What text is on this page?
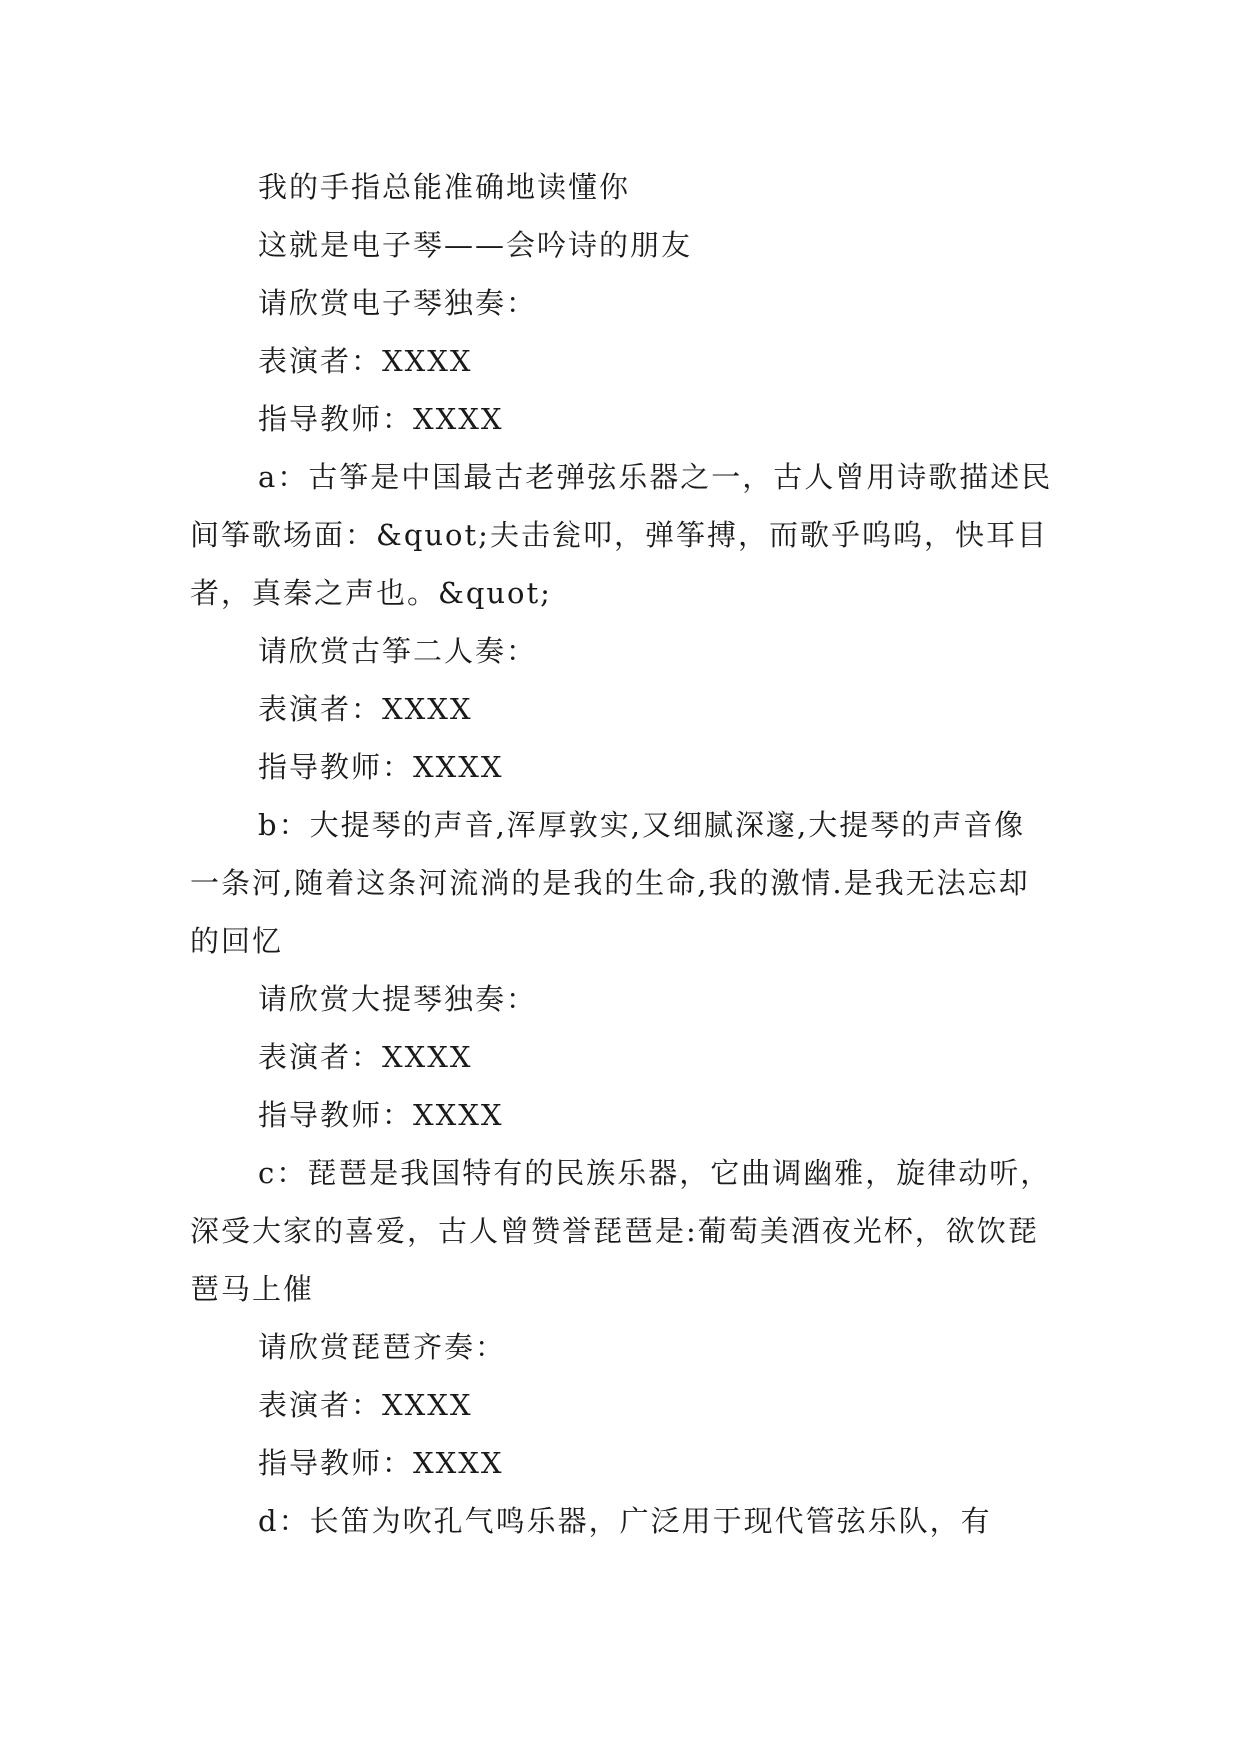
我的手指总能准确地读懂你

这就是电子琴——会吟诗的朋友

请欣赏电子琴独奏：

表演者：XXXX

指导教师：XXXX

a：古筝是中国最古老弹弦乐器之一，古人曾用诗歌描述民间筝歌场面：&quot;夫击瓮叩，弹筝搏，而歌乎呜呜，快耳目者，真秦之声也。&quot;

请欣赏古筝二人奏：

表演者：XXXX

指导教师：XXXX

b：大提琴的声音,浑厚敦实,又细腻深邃,大提琴的声音像一条河,随着这条河流淌的是我的生命,我的激情.是我无法忘却的回忆

请欣赏大提琴独奏：

表演者：XXXX

指导教师：XXXX

c：琵琶是我国特有的民族乐器，它曲调幽雅，旋律动听，深受大家的喜爱，古人曾赞誉琵琶是:葡萄美酒夜光杯，欲饮琵琶马上催

请欣赏琵琶齐奏：

表演者：XXXX

指导教师：XXXX

d：长笛为吹孔气鸣乐器，广泛用于现代管弦乐队，有
